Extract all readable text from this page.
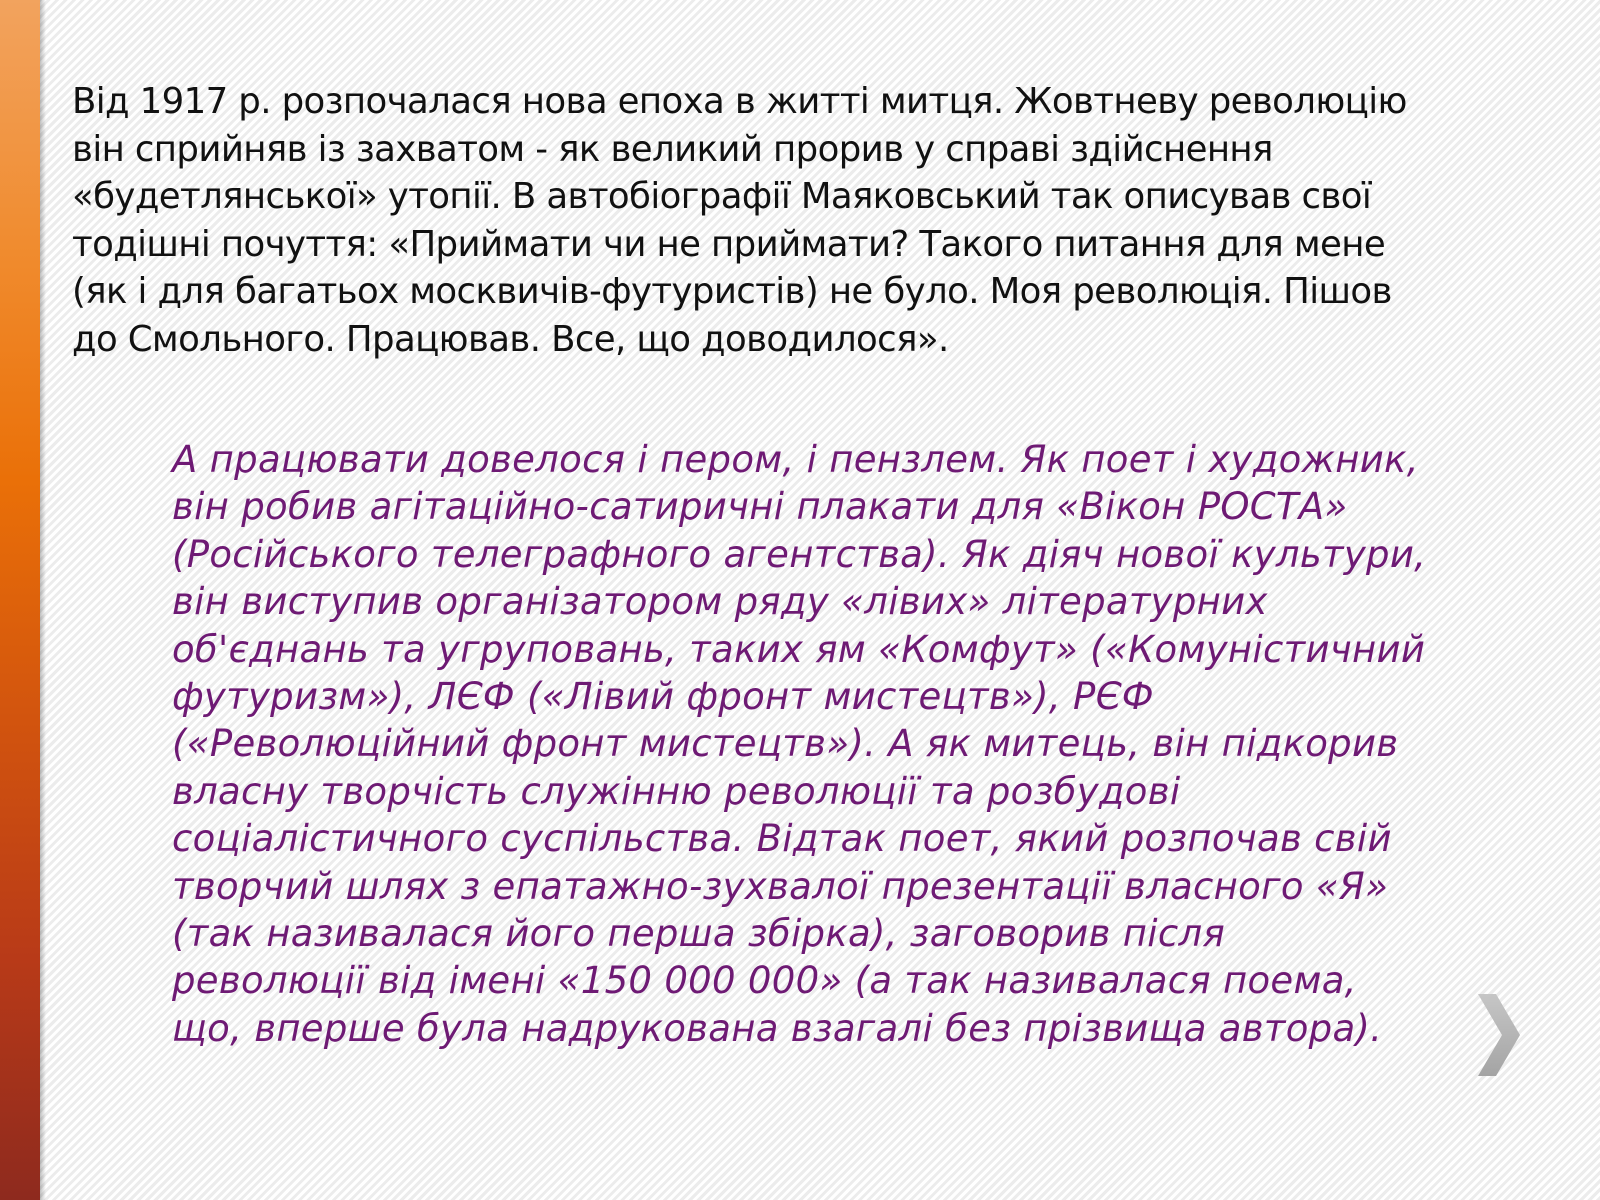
Від 1917 р. розпочалася нова епоха в житті митця. Жовтневу революцію
він сприйняв із захватом - як великий прорив у справі здійснення
«будетлянської» утопії. В автобіографії Маяковський так описував свої
тодішні почуття: «Приймати чи не приймати? Такого питання для мене
(як і для багатьох москвичів-футуристів) не було. Моя революція. Пішов
до Смольного. Працював. Все, що доводилося».

А працювати довелося і пером, і пензлем. Як поет і художник,
він робив агітаційно-сатиричні плакати для «Вікон РОСТА»
(Російського телеграфного агентства). Як діяч нової культури,
він виступив організатором ряду «лівих» літературних
об'єднань та угруповань, таких ям «Комфут» («Комуністичний
футуризм»), ЛЄФ («Лівий фронт мистецтв»), РЄФ
(«Революційний фронт мистецтв»). А як митець, він підкорив
власну творчість служінню революції та розбудові
соціалістичного суспільства. Відтак поет, який розпочав свій
творчий шлях з епатажно-зухвалої презентації власного «Я»
(так називалася його перша збірка), заговорив після
революції від імені «150 000 000» (а так називалася поема,
що, вперше була надрукована взагалі без прізвища автора).
